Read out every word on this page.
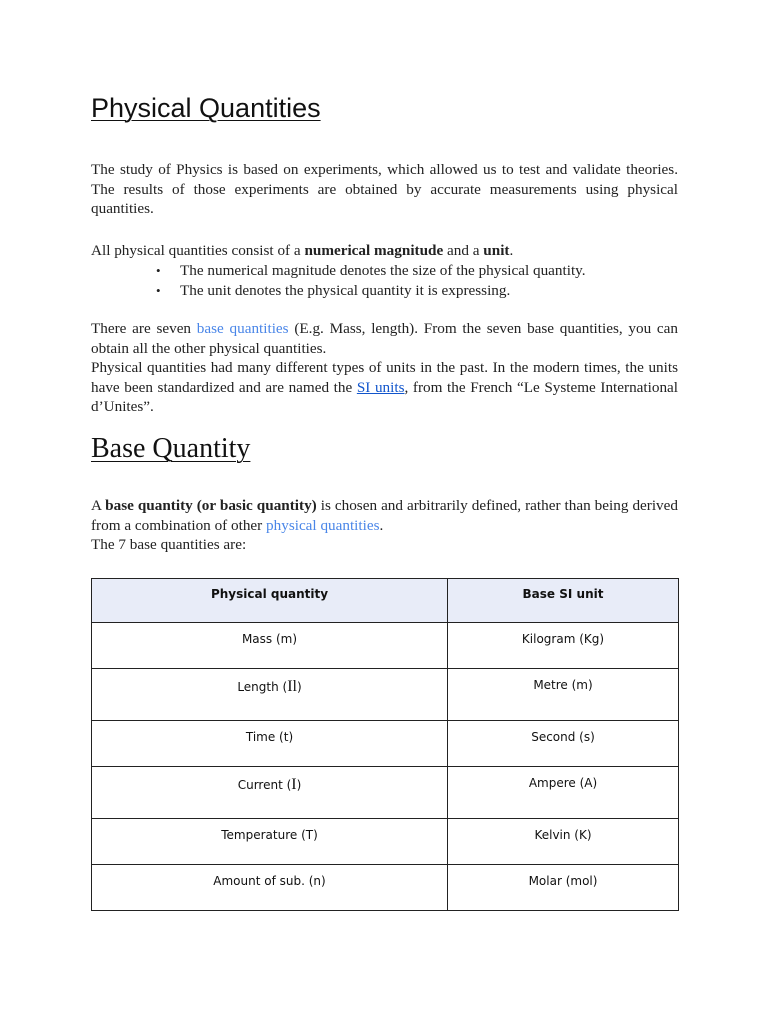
Physical Quantities

The study of Physics is based on experiments, which allowed us to test and validate theories. The results of those experiments are obtained by accurate measurements using physical quantities.

All physical quantities consist of a numerical magnitude and a unit.

• The numerical magnitude denotes the size of the physical quantity.
• The unit denotes the physical quantity it is expressing.
There are seven base quantities (E.g. Mass, length). From the seven base quantities, you can obtain all the other physical quantities.
Physical quantities had many different types of units in the past. In the modern times, the units have been standardized and are named the SI units, from the French “Le Systeme International d’Unites”.
Base Quantity
A base quantity (or basic quantity) is chosen and arbitrarily defined, rather than being derived from a combination of other physical quantities.
The 7 base quantities are:
Physical quantity	Base SI unit
Mass (m)	Kilogram (Kg)
Length (Il)	Metre (m)
Time (t)	Second (s)
Current (I)	Ampere (A)
Temperature (T)	Kelvin (K)
Amount of sub. (n)	Molar (mol)
